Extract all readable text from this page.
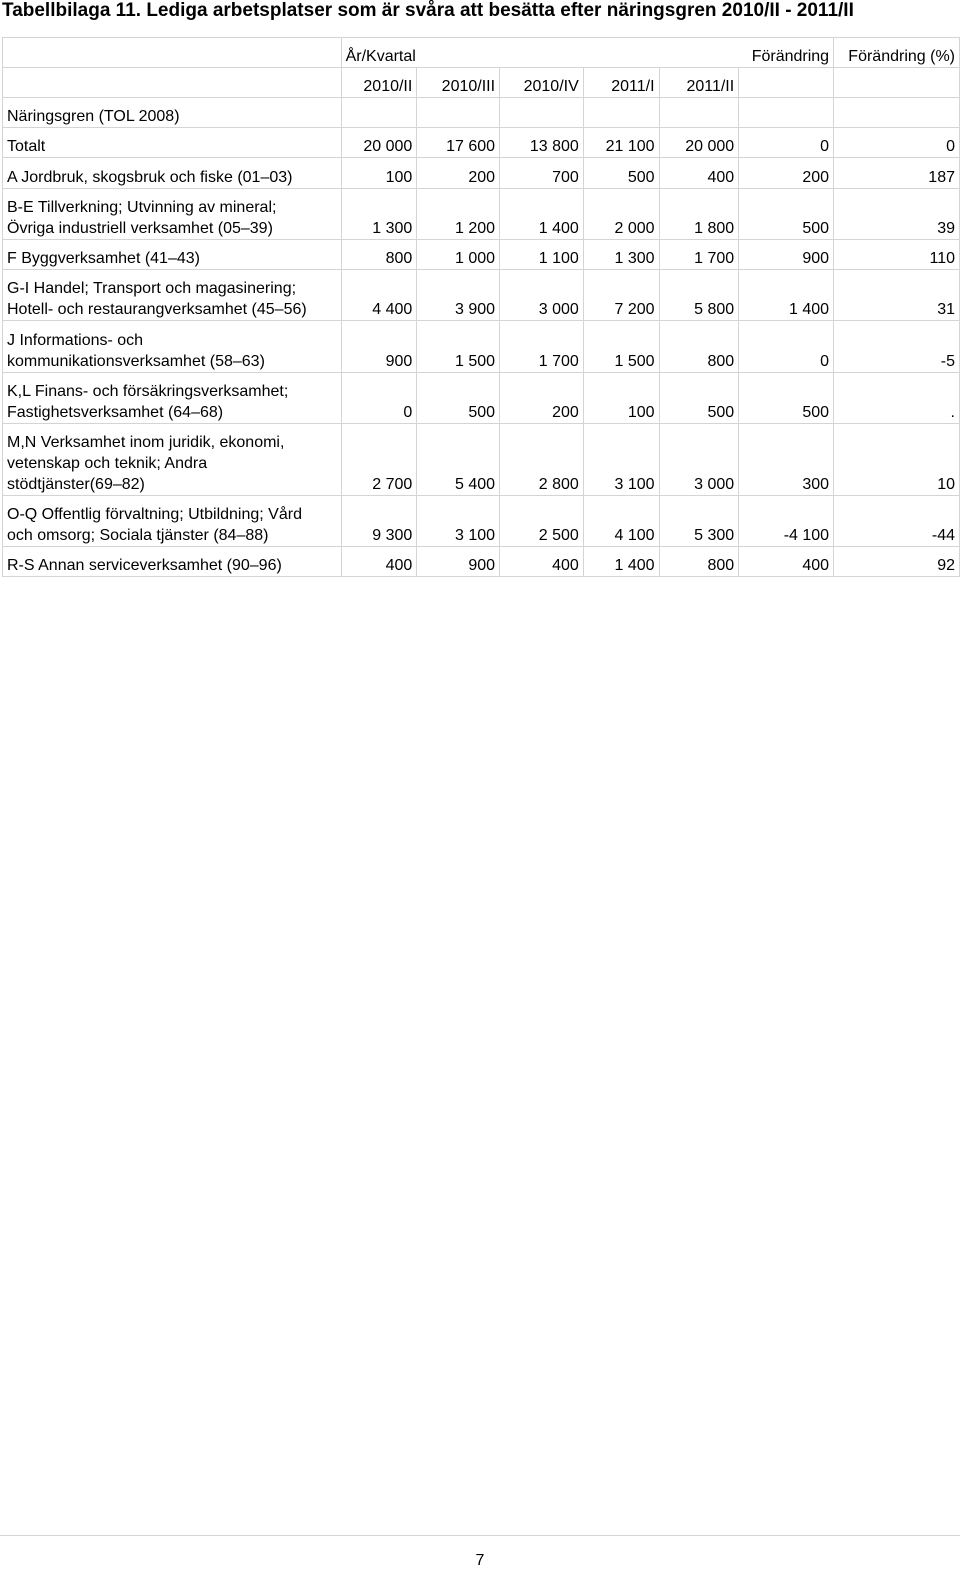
Tabellbilaga 11. Lediga arbetsplatser som är svåra att besätta efter näringsgren 2010/II - 2011/II
	År/Kvartal					Förändring	Förändring (%)
	2010/II	2010/III	2010/IV	2011/I	2011/II		
Näringsgren (TOL 2008)							

Totalt	20 000	17 600	13 800	21 100	20 000	0	0

A Jordbruk, skogsbruk och fiske (01–03)	100	200	700	500	400	200	187

B-E Tillverkning; Utvinning av mineral;
Övriga industriell verksamhet (05–39)	1 300	1 200	1 400	2 000	1 800	500	39

F Byggverksamhet (41–43)	800	1 000	1 100	1 300	1 700	900	110

G-I Handel; Transport och magasinering;
Hotell- och restaurangverksamhet (45–56)	4 400	3 900	3 000	7 200	5 800	1 400	31

J Informations- och
kommunikationsverksamhet (58–63)	900	1 500	1 700	1 500	800	0	-5

K,L Finans- och försäkringsverksamhet;
Fastighetsverksamhet (64–68)	0	500	200	100	500	500	.

M,N Verksamhet inom juridik, ekonomi,
vetenskap och teknik; Andra
stödtjänster(69–82)	2 700	5 400	2 800	3 100	3 000	300	10

O-Q Offentlig förvaltning; Utbildning; Vård
och omsorg; Sociala tjänster (84–88)	9 300	3 100	2 500	4 100	5 300	-4 100	-44

R-S Annan serviceverksamhet (90–96)	400	900	400	1 400	800	400	92
7
